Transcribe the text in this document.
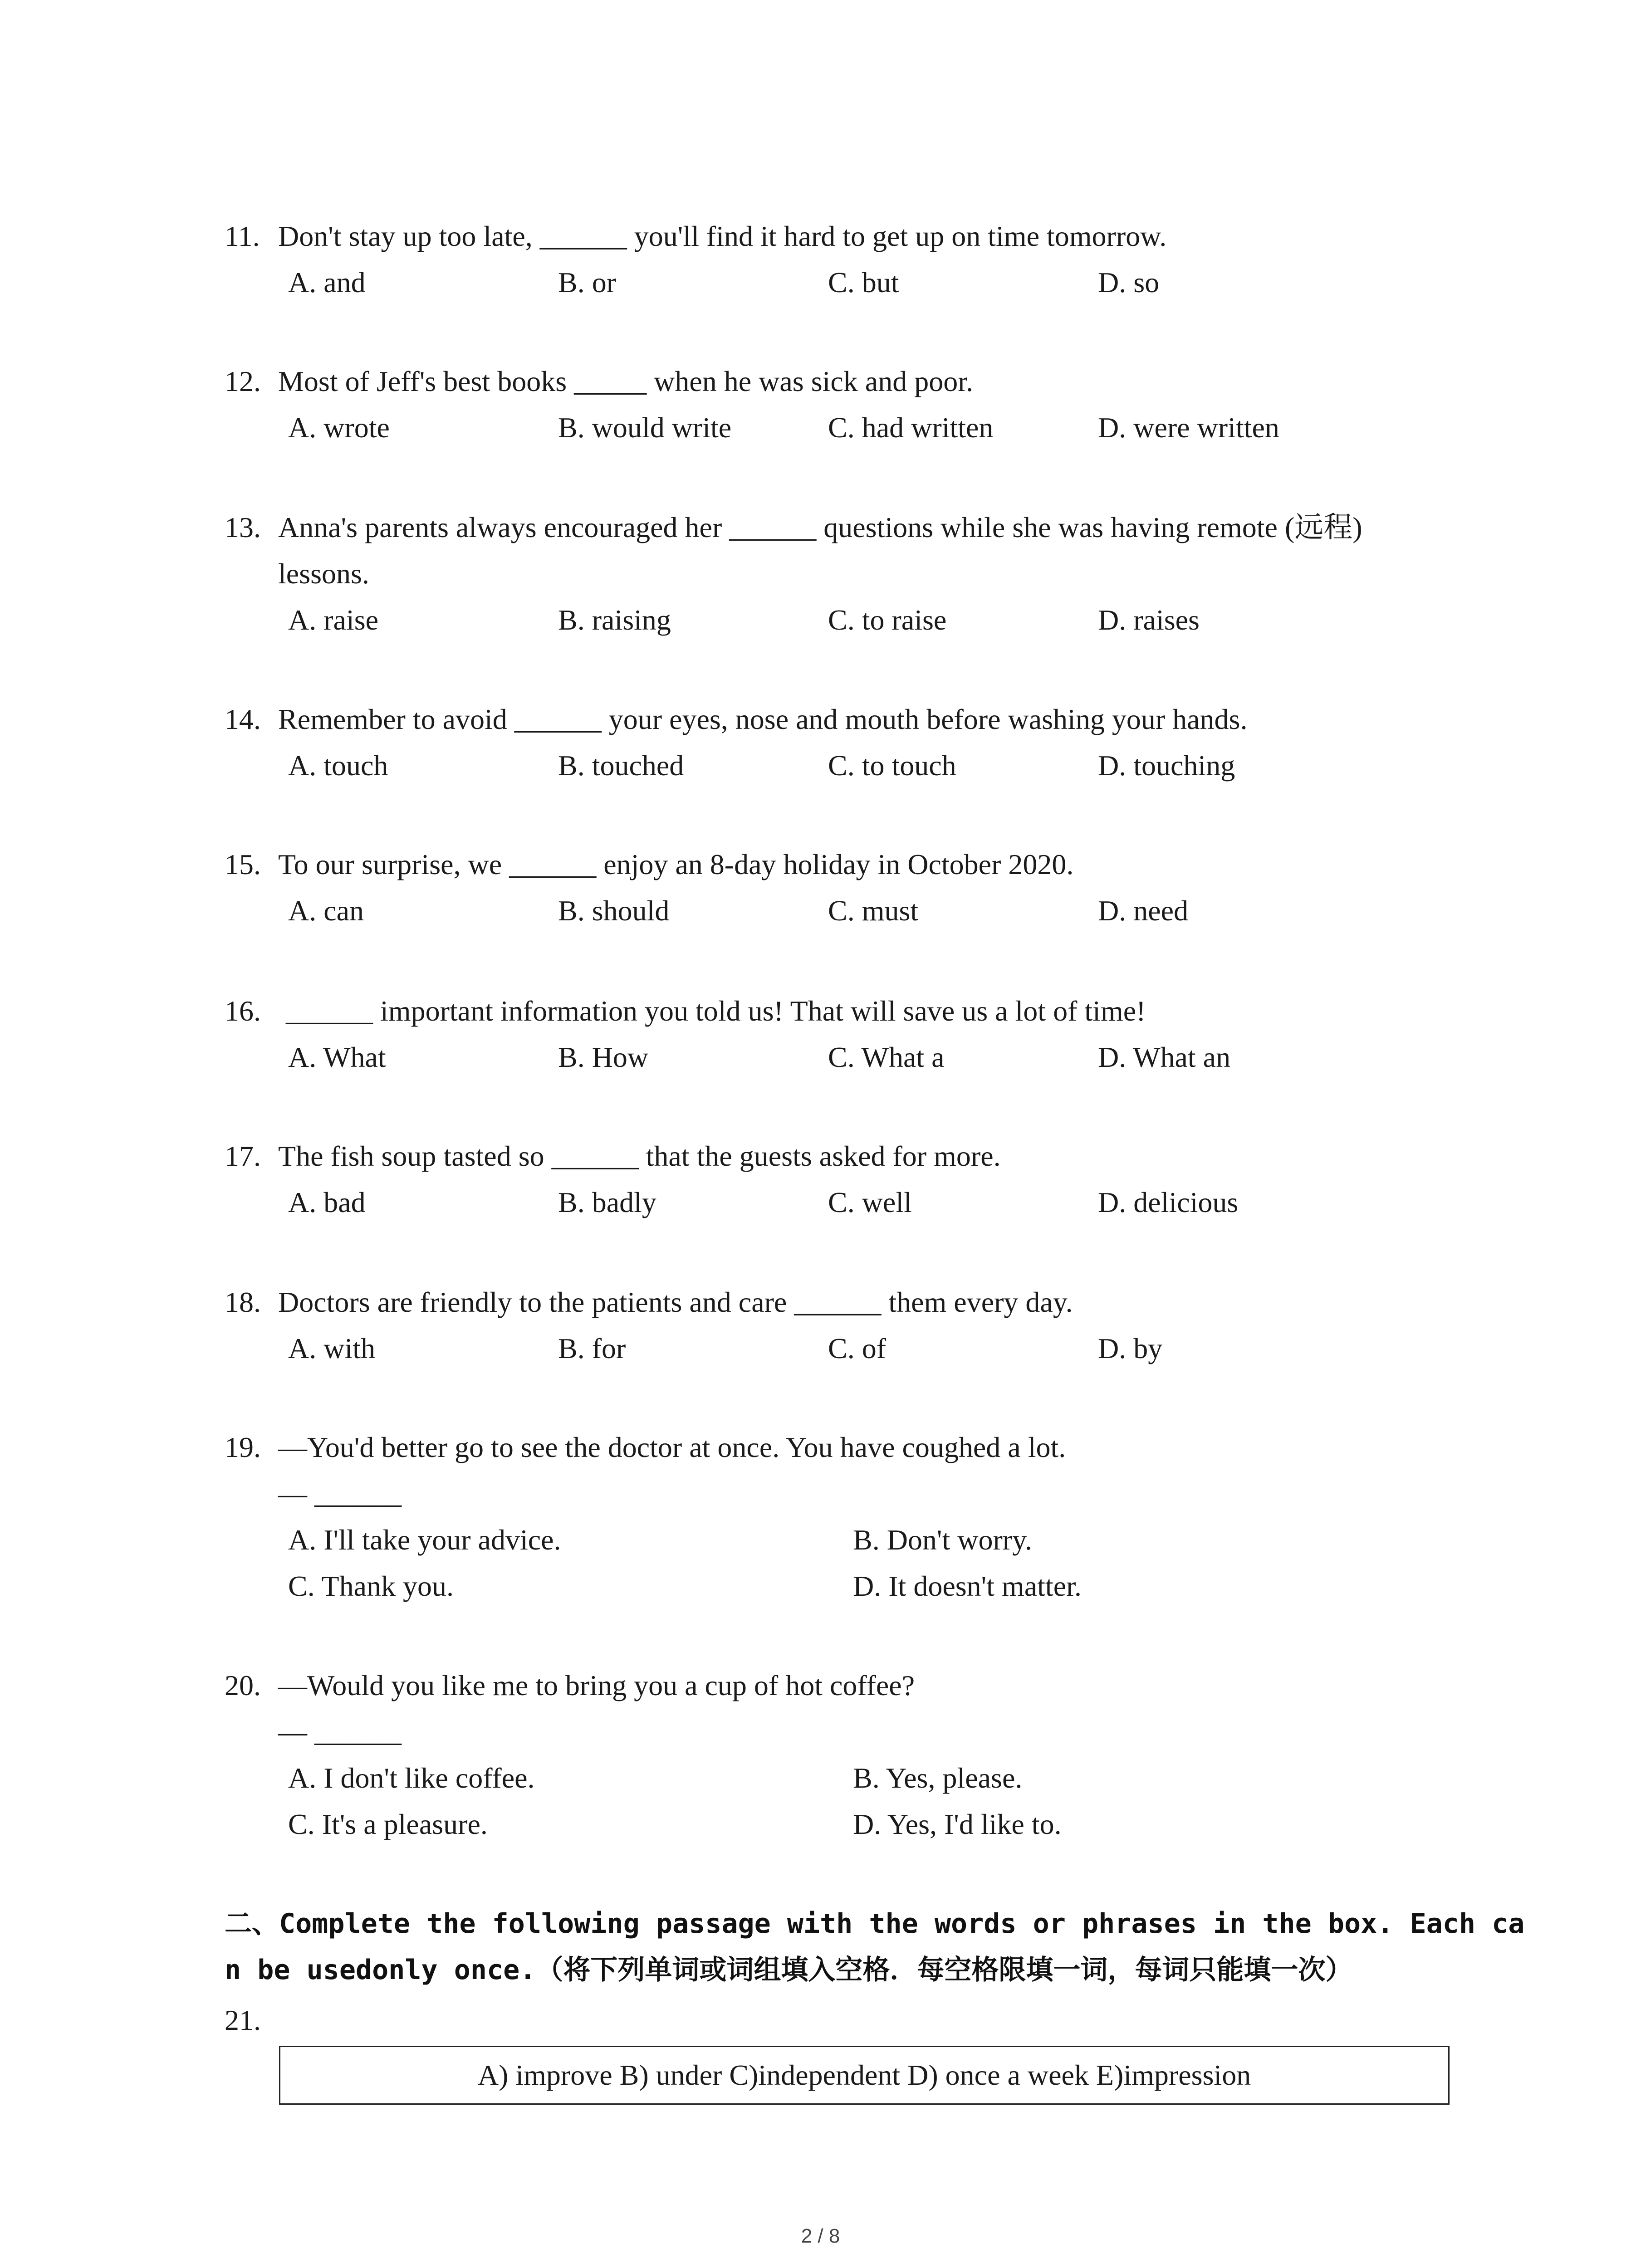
11. Don't stay up too late, ______ you'll find it hard to get up on time tomorrow.
A. and	B. or	C. but	D. so
12. Most of Jeff's best books _____ when he was sick and poor.
A. wrote	B. would write	C. had written	D. were written
13. Anna's parents always encouraged her ______ questions while she was having remote (远程)
lessons.
A. raise	B. raising	C. to raise	D. raises
14. Remember to avoid ______ your eyes, nose and mouth before washing your hands.
A. touch	B. touched	C. to touch	D. touching
15. To our surprise, we ______ enjoy an 8-day holiday in October 2020.
A. can	B. should	C. must	D. need
16. ______ important information you told us! That will save us a lot of time!
A. What	B. How	C. What a	D. What an
17. The fish soup tasted so ______ that the guests asked for more.
A. bad	B. badly	C. well	D. delicious
18. Doctors are friendly to the patients and care ______ them every day.
A. with	B. for	C. of	D. by
19. —You'd better go to see the doctor at once. You have coughed a lot.
— ______
A. I'll take your advice.	B. Don't worry.
C. Thank you.	D. It doesn't matter.
20. —Would you like me to bring you a cup of hot coffee?
— ______
A. I don't like coffee.	B. Yes, please.
C. It's a pleasure.	D. Yes, I'd like to.
二、Complete the following passage with the words or phrases in the box. Each ca
n be usedonly once.（将下列单词或词组填入空格．每空格限填一词，每词只能填一次）
21.
A) improve B) under C)independent D) once a week E)impression
2 / 8
